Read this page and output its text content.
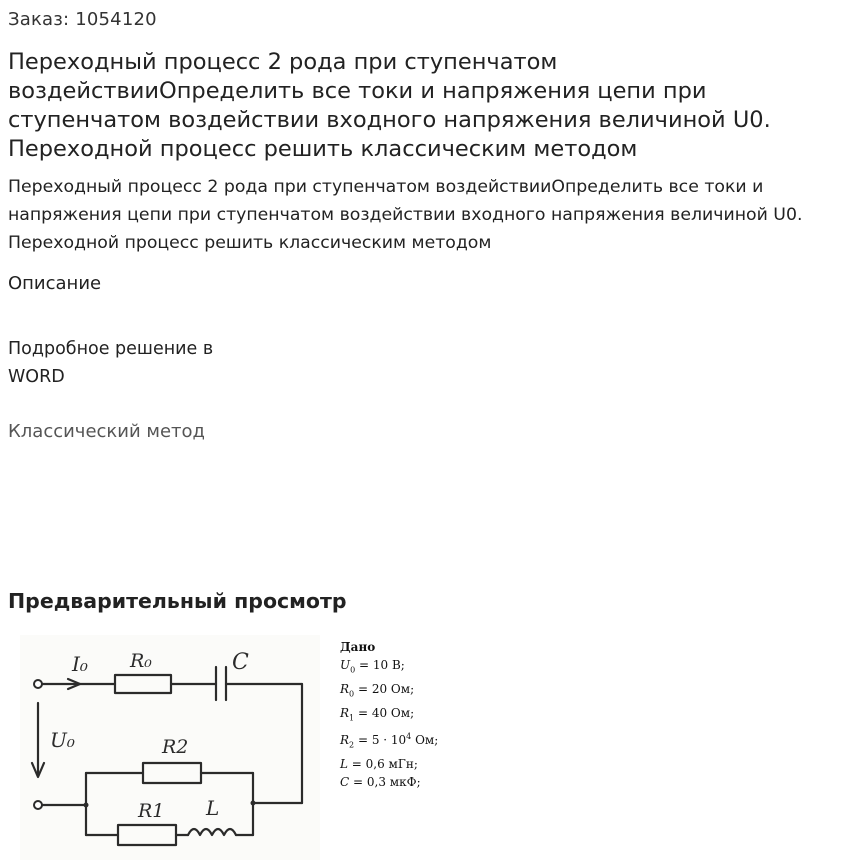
Заказ: 1054120
Переходный процесс 2 рода при ступенчатом воздействииОпределить все токи и напряжения цепи при ступенчатом воздействии входного напряжения величиной U0. Переходной процесс решить классическим методом
Переходный процесс 2 рода при ступенчатом воздействииОпределить все токи и напряжения цепи при ступенчатом воздействии входного напряжения величиной U0. Переходной процесс решить классическим методом
Описание
Подробное решение в WORD
Классический метод
Предварительный просмотр
I₀ R₀	C
U₀	R2
R1 L
Дано
$U_0 = 10$ В;
$R_0 = 20$ Ом;
$R_1 = 40$ Ом;
$R_2 = 5 \cdot 10^4$ Ом;
L = 0,6 мГн;
C = 0,3 мкФ;
